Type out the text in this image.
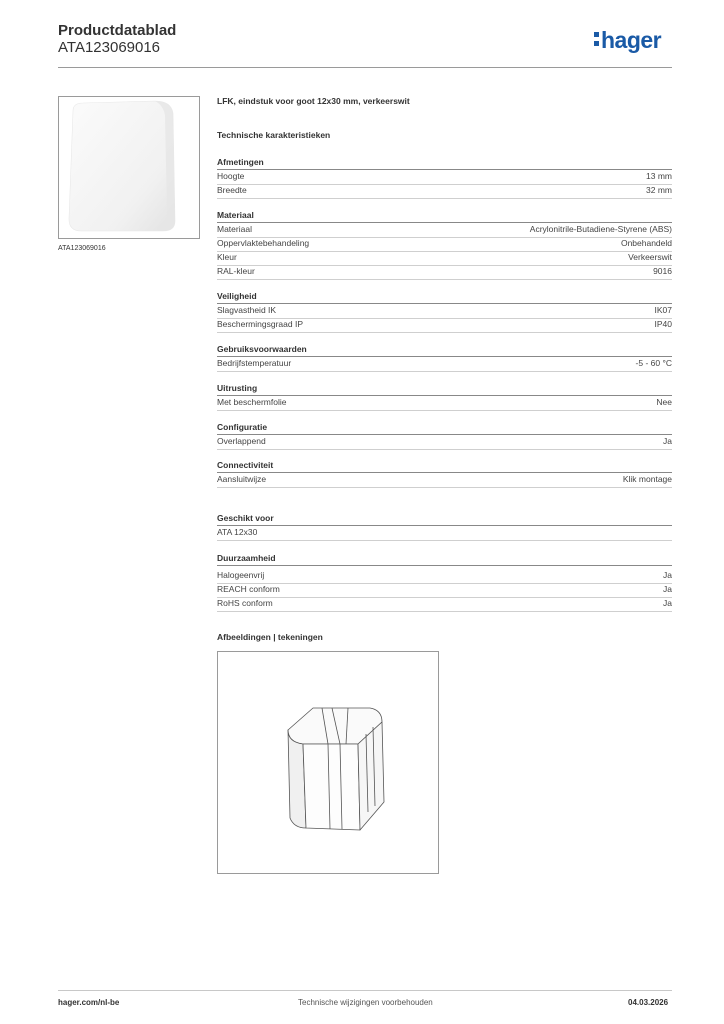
Productdatablad
ATA123069016	hager
ATA123069016
LFK, eindstuk voor goot 12x30 mm, verkeerswit
Technische karakteristieken
Afmetingen
Hoogte	13 mm
Breedte	32 mm
Materiaal
Materiaal	Acrylonitrile-Butadiene-Styrene (ABS)
Oppervlaktebehandeling	Onbehandeld
Kleur	Verkeerswit
RAL-kleur	9016
Veiligheid
Slagvastheid IK	IK07
Beschermingsgraad IP	IP40
Gebruiksvoorwaarden
Bedrijfstemperatuur	-5 - 60 °C
Uitrusting
Met beschermfolie	Nee
Configuratie
Overlappend	Ja
Connectiviteit
Aansluitwijze	Klik montage
Geschikt voor
ATA 12x30
Duurzaamheid
Halogeenvrij	Ja
REACH conform	Ja
RoHS conform	Ja
Afbeeldingen | tekeningen
hager.com/nl-be	Technische wijzigingen voorbehouden	04.03.2026
